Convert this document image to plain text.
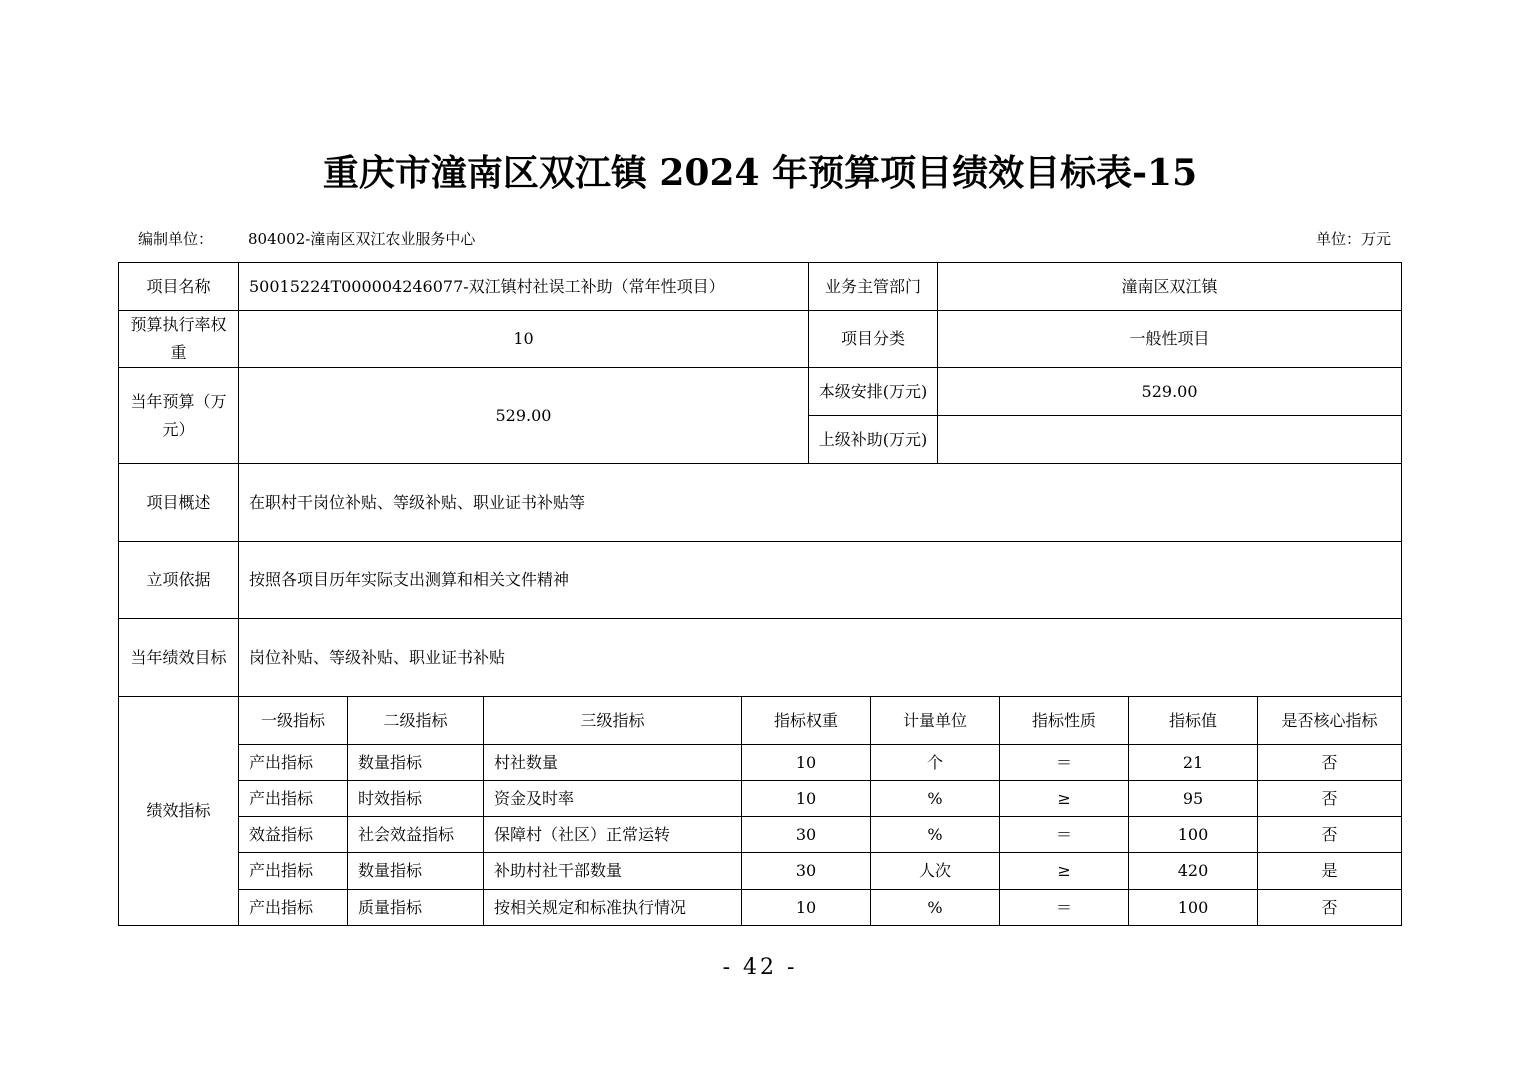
重庆市潼南区双江镇 2024 年预算项目绩效目标表-15
编制单位： 804002-潼南区双江农业服务中心	单位：万元
项目名称	50015224T000004246077-双江镇村社误工补助（常年性项目）				业务主管部门		潼南区双江镇			
预算执行率权重	10				项目分类		一般性项目			
当年预算（万元）	529.00				本级安排(万元)		529.00			
					上级补助(万元)					
项目概述	在职村干岗位补贴、等级补贴、职业证书补贴等									
立项依据	按照各项目历年实际支出测算和相关文件精神									
当年绩效目标	岗位补贴、等级补贴、职业证书补贴									
绩效指标	一级指标	二级指标	三级指标	指标权重		计量单位		指标性质	指标值	是否核心指标
	产出指标	数量指标	村社数量	10		个		＝	21	否
	产出指标	时效指标	资金及时率	10		%		≥	95	否
	效益指标	社会效益指标	保障村（社区）正常运转	30		%		＝	100	否
	产出指标	数量指标	补助村社干部数量	30		人次		≥	420	是
	产出指标	质量指标	按相关规定和标准执行情况	10		%		＝	100	否
- 42 -
